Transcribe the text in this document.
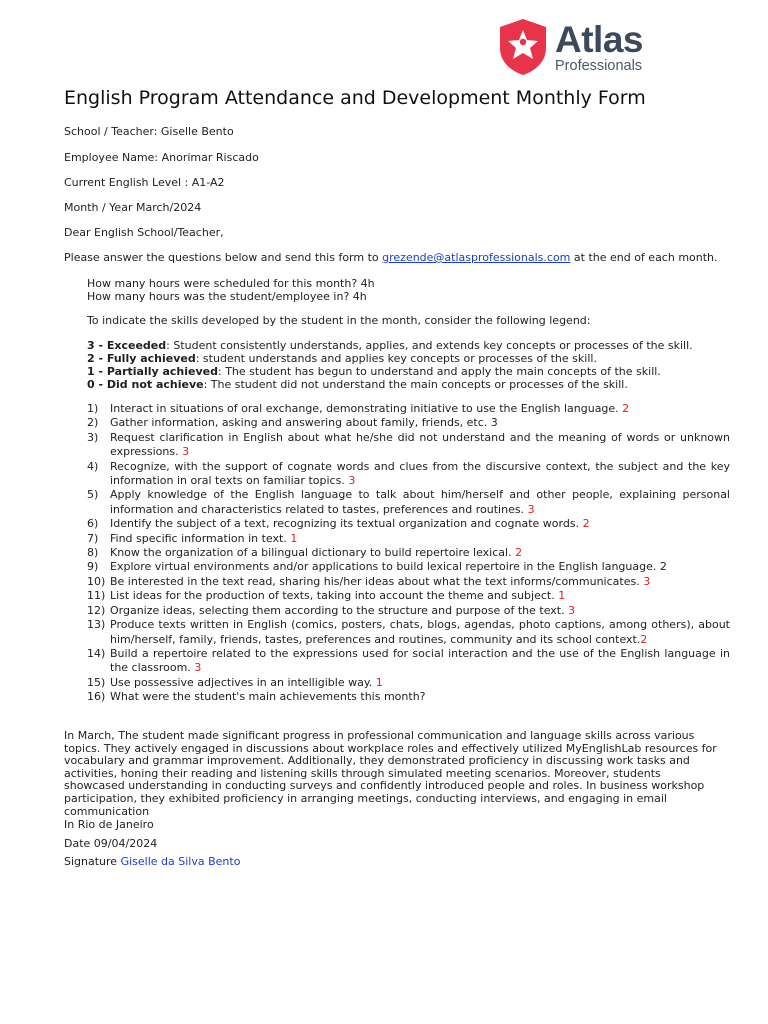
Atlas
Professionals
English Program Attendance and Development Monthly Form
School / Teacher: Giselle Bento
Employee Name: Anorimar Riscado
Current English Level : A1-A2
Month / Year March/2024
Dear English School/Teacher,
Please answer the questions below and send this form to grezende@atlasprofessionals.com at the end of each month.
How many hours were scheduled for this month? 4h
How many hours was the student/employee in? 4h
To indicate the skills developed by the student in the month, consider the following legend:
3 - Exceeded: Student consistently understands, applies, and extends key concepts or processes of the skill.
2 - Fully achieved: student understands and applies key concepts or processes of the skill.
1 - Partially achieved: The student has begun to understand and apply the main concepts of the skill.
0 - Did not achieve: The student did not understand the main concepts or processes of the skill.
1)	Interact in situations of oral exchange, demonstrating initiative to use the English language. 2
2)	Gather information, asking and answering about family, friends, etc. 3
3)	Request clarification in English about what he/she did not understand and the meaning of words or unknown expressions. 3
4)	Recognize, with the support of cognate words and clues from the discursive context, the subject and the key information in oral texts on familiar topics. 3
5)	Apply knowledge of the English language to talk about him/herself and other people, explaining personal information and characteristics related to tastes, preferences and routines. 3
6)	Identify the subject of a text, recognizing its textual organization and cognate words. 2
7)	Find specific information in text. 1
8)	Know the organization of a bilingual dictionary to build repertoire lexical. 2
9)	Explore virtual environments and/or applications to build lexical repertoire in the English language. 2
10) Be interested in the text read, sharing his/her ideas about what the text informs/communicates. 3
11) List ideas for the production of texts, taking into account the theme and subject. 1
12) Organize ideas, selecting them according to the structure and purpose of the text. 3
13) Produce texts written in English (comics, posters, chats, blogs, agendas, photo captions, among others), about him/herself, family, friends, tastes, preferences and routines, community and its school context.2
14) Build a repertoire related to the expressions used for social interaction and the use of the English language in the classroom. 3
15) Use possessive adjectives in an intelligible way. 1
16) What were the student's main achievements this month?
In March, The student made significant progress in professional communication and language skills across various topics. They actively engaged in discussions about workplace roles and effectively utilized MyEnglishLab resources for vocabulary and grammar improvement. Additionally, they demonstrated proficiency in discussing work tasks and activities, honing their reading and listening skills through simulated meeting scenarios. Moreover, students showcased understanding in conducting surveys and confidently introduced people and roles. In business workshop participation, they exhibited proficiency in arranging meetings, conducting interviews, and engaging in email communication
In Rio de Janeiro
Date 09/04/2024
Signature Giselle da Silva Bento
